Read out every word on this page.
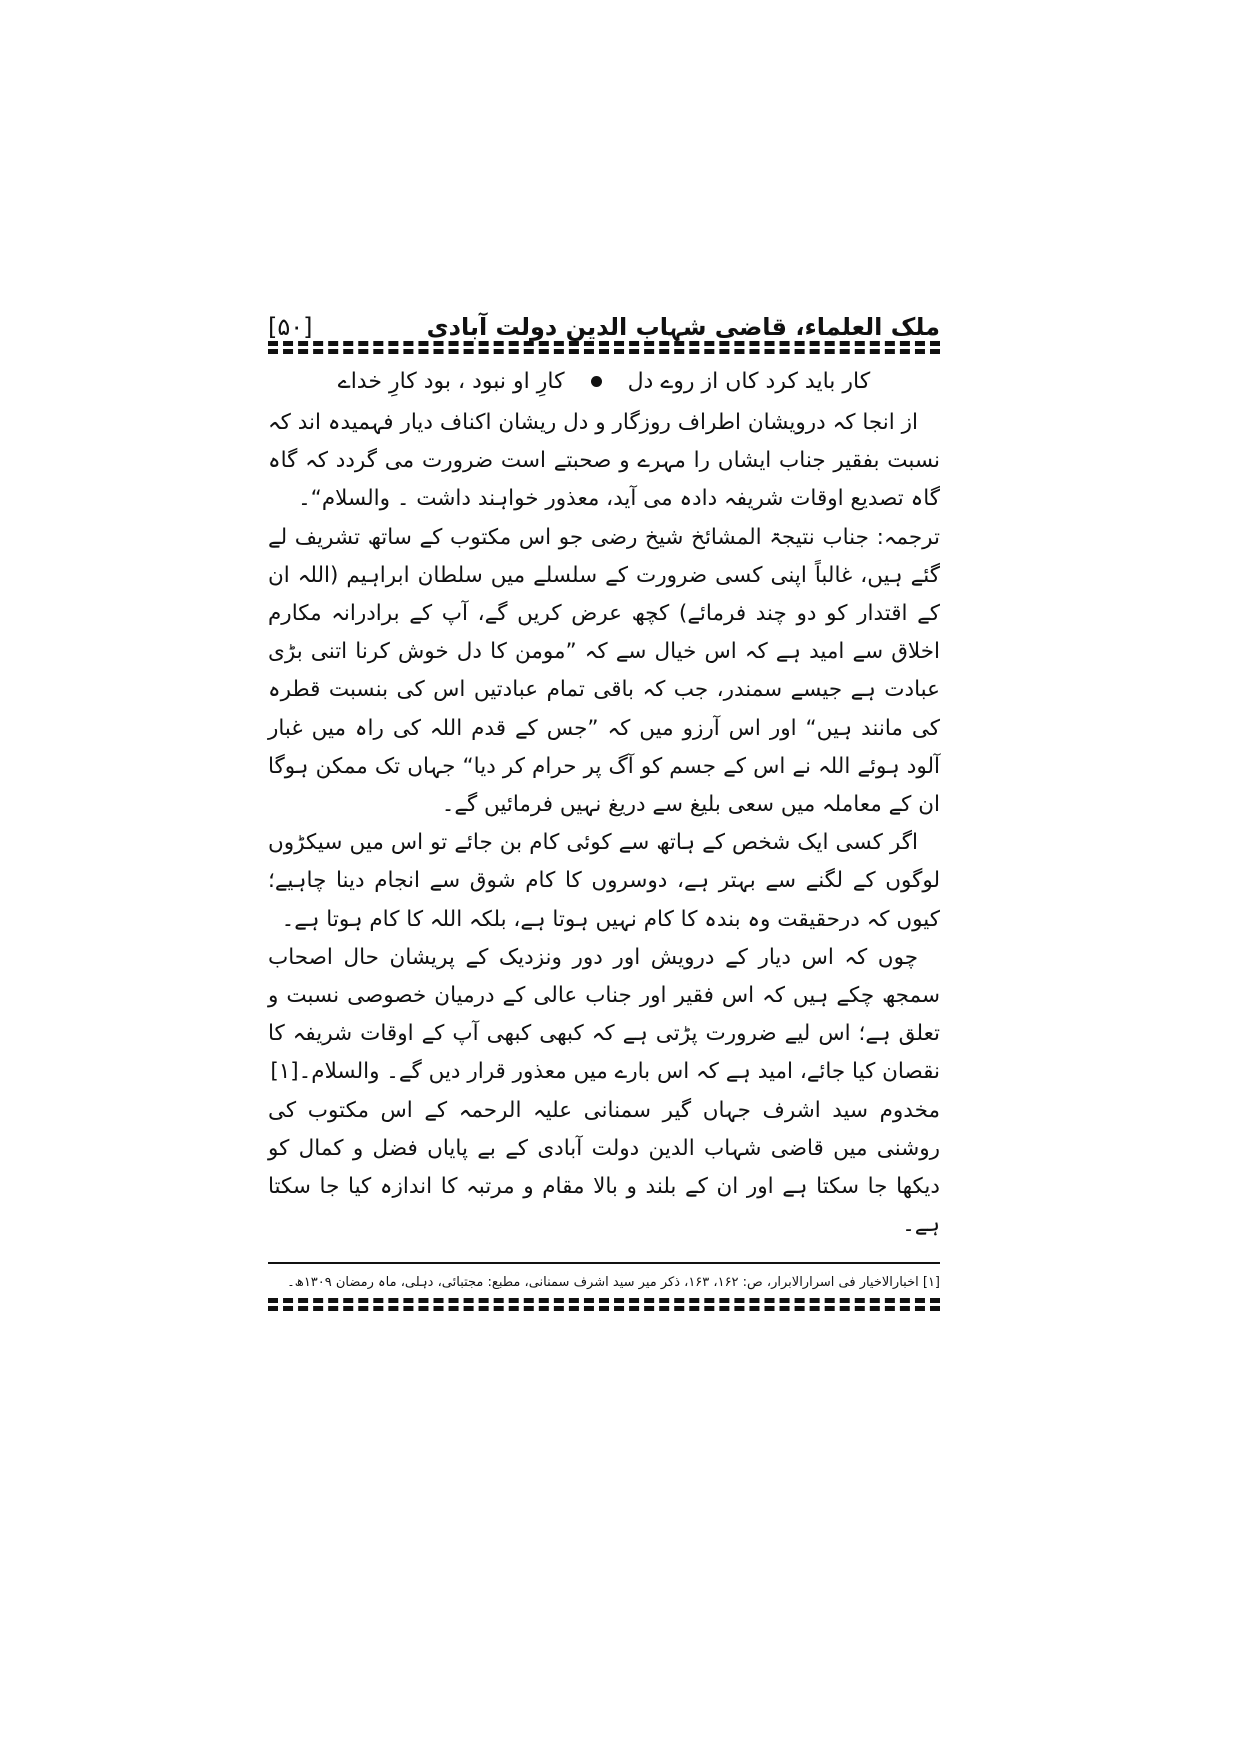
ملک العلماء، قاضی شہاب الدین دولت آبادی
[۵۰]
کار باید کرد کاں از روے دل
کارِ او نبود ، بود کارِ خداے

از انجا کہ درویشان اطراف روزگار و دل ریشان اکناف دیار فہمیدہ اند کہ نسبت بفقیر جناب ایشاں را مہرے و صحبتے است ضرورت می گردد کہ گاہ گاہ تصدیع اوقات شریفہ دادہ می آید، معذور خواہند داشت ۔ والسلام“۔

ترجمہ: جناب نتیجۃ المشائخ شیخ رضی جو اس مکتوب کے ساتھ تشریف لے گئے ہیں، غالباً اپنی کسی ضرورت کے سلسلے میں سلطان ابراہیم (اللہ ان کے اقتدار کو دو چند فرمائے) کچھ عرض کریں گے، آپ کے برادرانہ مکارم اخلاق سے امید ہے کہ اس خیال سے کہ ”مومن کا دل خوش کرنا اتنی بڑی عبادت ہے جیسے سمندر، جب کہ باقی تمام عبادتیں اس کی بنسبت قطرہ کی مانند ہیں“ اور اس آرزو میں کہ ”جس کے قدم اللہ کی راہ میں غبار آلود ہوئے اللہ نے اس کے جسم کو آگ پر حرام کر دیا“ جہاں تک ممکن ہوگا ان کے معاملہ میں سعی بلیغ سے دریغ نہیں فرمائیں گے۔

اگر کسی ایک شخص کے ہاتھ سے کوئی کام بن جائے تو اس میں سیکڑوں لوگوں کے لگنے سے بہتر ہے، دوسروں کا کام شوق سے انجام دینا چاہیے؛ کیوں کہ درحقیقت وہ بندہ کا کام نہیں ہوتا ہے، بلکہ اللہ کا کام ہوتا ہے۔

چوں کہ اس دیار کے درویش اور دور ونزدیک کے پریشان حال اصحاب سمجھ چکے ہیں کہ اس فقیر اور جناب عالی کے درمیان خصوصی نسبت و تعلق ہے؛ اس لیے ضرورت پڑتی ہے کہ کبھی کبھی آپ کے اوقات شریفہ کا نقصان کیا جائے، امید ہے کہ اس بارے میں معذور قرار دیں گے۔ والسلام۔[۱]

مخدوم سید اشرف جہاں گیر سمنانی علیہ الرحمہ کے اس مکتوب کی روشنی میں قاضی شہاب الدین دولت آبادی کے بے پایاں فضل و کمال کو دیکھا جا سکتا ہے اور ان کے بلند و بالا مقام و مرتبہ کا اندازہ کیا جا سکتا ہے۔

[۱] اخبارالاخیار فی اسرارالابرار، ص: ۱۶۲، ۱۶۳، ذکر میر سید اشرف سمنانی، مطبع: مجتبائی، دہلی، ماہ رمضان ۱۳۰۹ھ۔
